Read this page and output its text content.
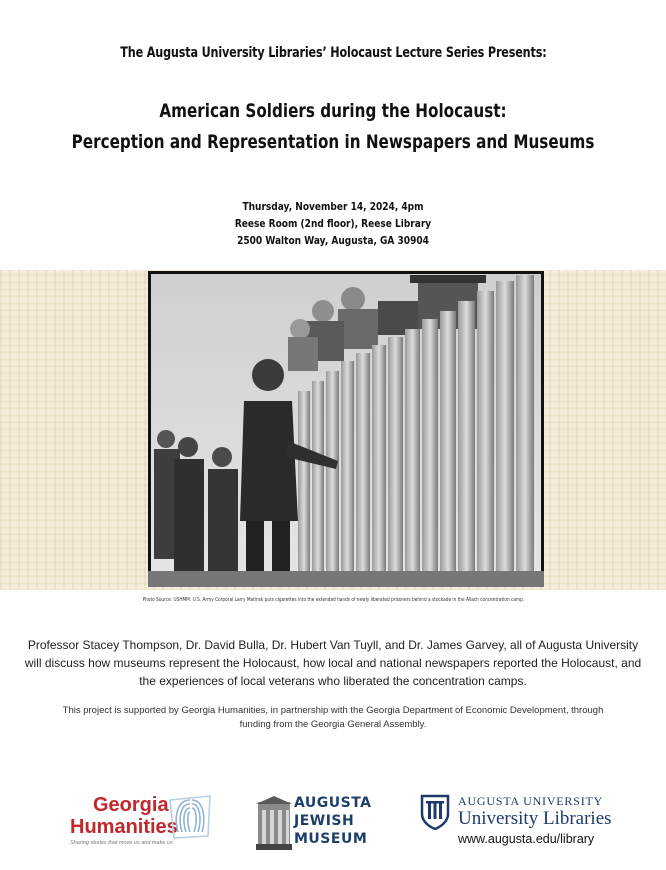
The Augusta University Libraries’ Holocaust Lecture Series Presents:
American Soldiers during the Holocaust:
Perception and Representation in Newspapers and Museums
Thursday, November 14, 2024, 4pm
Reese Room (2nd floor), Reese Library
2500 Walton Way, Augusta, GA 30904
Photo Source: USHMM: U.S. Army Corporal Larry Matinsk puts cigarettes into the extended hands of newly liberated prisoners behind a stockade in the Allach concentration camp.
Professor Stacey Thompson, Dr. David Bulla, Dr. Hubert Van Tuyll, and Dr. James Garvey, all of Augusta University will discuss how museums represent the Holocaust, how local and national newspapers reported the Holocaust, and the experiences of local veterans who liberated the concentration camps.
This project is supported by Georgia Humanities, in partnership with the Georgia Department of Economic Development, through funding from the Georgia General Assembly.
Georgia
Humanities
Sharing stories that move us and make us
AUGUSTA
JEWISH
MUSEUM
AUGUSTA UNIVERSITY
University Libraries
www.augusta.edu/library
